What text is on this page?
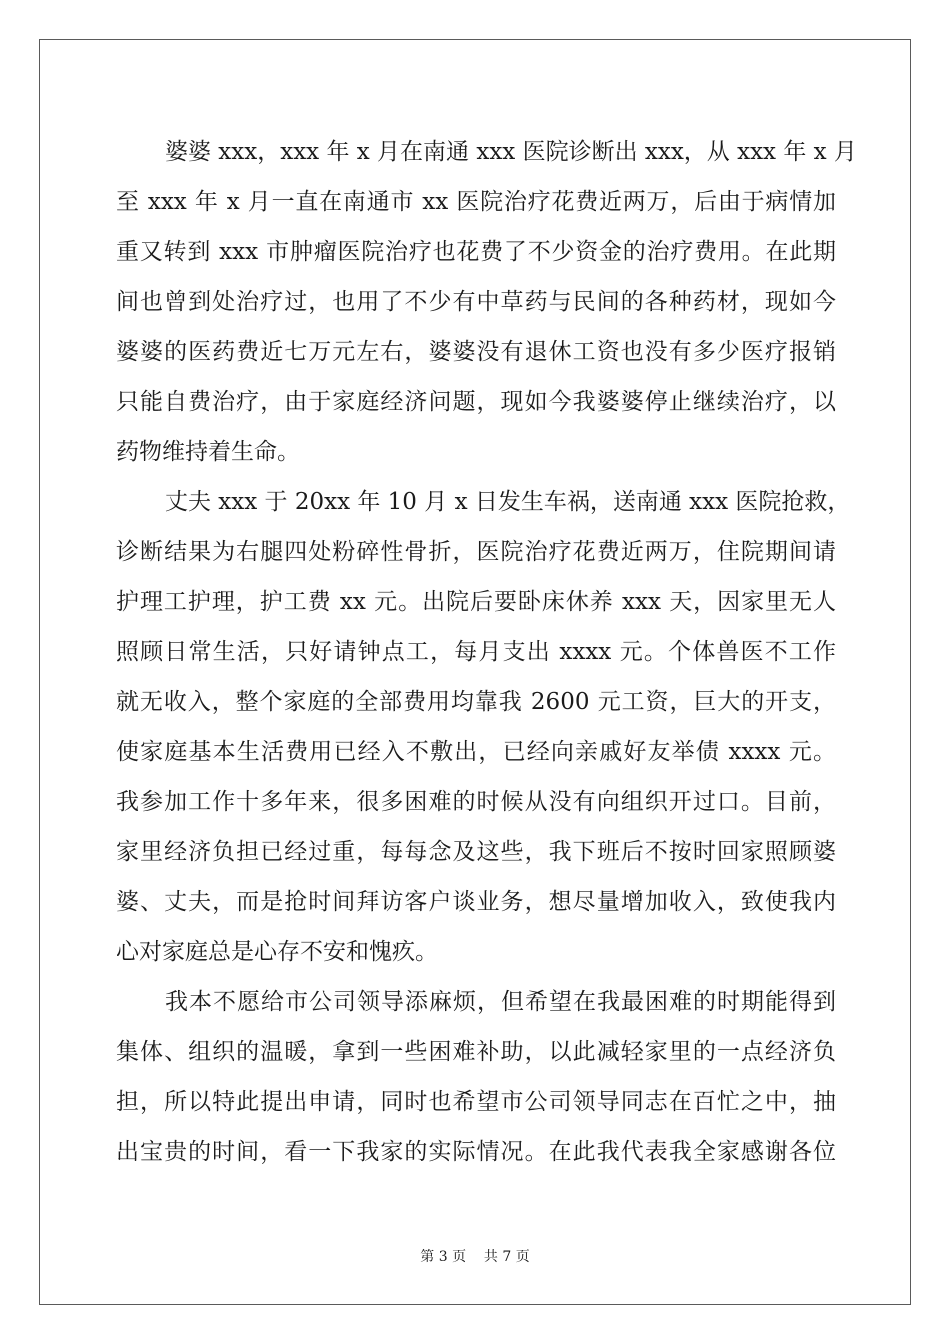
婆婆 xxx，xxx 年 x 月在南通 xxx 医院诊断出 xxx，从 xxx 年 x 月
至 xxx 年 x 月一直在南通市 xx 医院治疗花费近两万，后由于病情加
重又转到 xxx 市肿瘤医院治疗也花费了不少资金的治疗费用。在此期
间也曾到处治疗过，也用了不少有中草药与民间的各种药材，现如今
婆婆的医药费近七万元左右，婆婆没有退休工资也没有多少医疗报销
只能自费治疗，由于家庭经济问题，现如今我婆婆停止继续治疗，以
药物维持着生命。
丈夫 xxx 于 20xx 年 10 月 x 日发生车祸，送南通 xxx 医院抢救，
诊断结果为右腿四处粉碎性骨折，医院治疗花费近两万，住院期间请
护理工护理，护工费 xx 元。出院后要卧床休养 xxx 天，因家里无人
照顾日常生活，只好请钟点工，每月支出 xxxx 元。个体兽医不工作
就无收入，整个家庭的全部费用均靠我 2600 元工资，巨大的开支，
使家庭基本生活费用已经入不敷出，已经向亲戚好友举债 xxxx 元。
我参加工作十多年来，很多困难的时候从没有向组织开过口。目前，
家里经济负担已经过重，每每念及这些，我下班后不按时回家照顾婆
婆、丈夫，而是抢时间拜访客户谈业务，想尽量增加收入，致使我内
心对家庭总是心存不安和愧疚。
我本不愿给市公司领导添麻烦，但希望在我最困难的时期能得到
集体、组织的温暖，拿到一些困难补助，以此减轻家里的一点经济负
担，所以特此提出申请，同时也希望市公司领导同志在百忙之中，抽
出宝贵的时间，看一下我家的实际情况。在此我代表我全家感谢各位
第 3 页    共 7 页
